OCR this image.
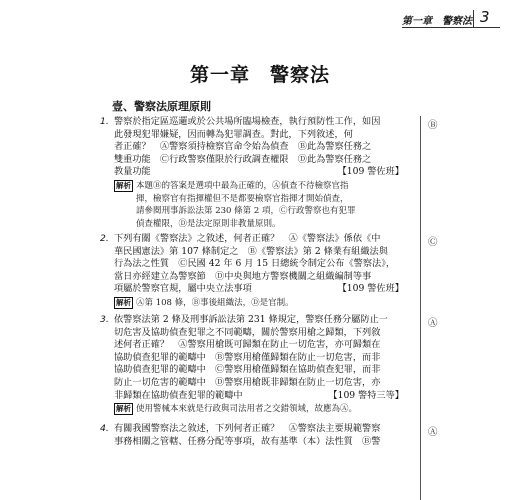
第一章　警察法 3
第一章　警察法
壹、警察法原理原則
1. 警察於指定區巡邏或於公共場所臨場檢查，執行預防性工作，如因
此發現犯罪嫌疑，因而轉為犯罪調查。對此，下列敘述，何
者正確？　Ⓐ警察須持檢察官命令始為偵查　Ⓑ此為警察任務之
雙重功能　Ⓒ行政警察僅限於行政調查權限　Ⓓ此為警察任務之
教量功能	【109 警佐班】
解析 本題Ⓑ的答案是選項中最為正確的，Ⓐ偵查不待檢察官指
揮，檢察官有指揮權但不是都要檢察官指揮才開始偵查，
請參閱刑事訴訟法第 230 條第 2 項，Ⓒ行政警察也有犯罪
偵查權限，Ⓓ是法定原則非教量原則。
Ⓑ
2. 下列有關《警察法》之敘述，何者正確？　Ⓐ《警察法》係依《中
華民國憲法》第 107 條制定之　Ⓑ《警察法》第 2 條業有組織法與
行為法之性質　Ⓒ民國 42 年 6 月 15 日總統令制定公布《警察法》，
當日亦經建立為警察節　Ⓓ中央與地方警察機關之組織編制等事
項屬於警察官規，屬中央立法事項	【109 警佐班】
解析 Ⓐ第 108 條，Ⓑ事後組織法，Ⓓ是官制。
Ⓒ
3. 依警察法第 2 條及刑事訴訟法第 231 條規定，警察任務分屬防止一
切危害及協助偵查犯罪之不同範疇，關於警察用槍之歸類，下列敘
述何者正確？　Ⓐ警察用槍既可歸類在防止一切危害，亦可歸類在
協助偵查犯罪的範疇中　Ⓑ警察用槍僅歸類在防止一切危害，而非
協助偵查犯罪的範疇中　Ⓒ警察用槍僅歸類在協助偵查犯罪，而非
防止一切危害的範疇中　Ⓓ警察用槍既非歸類在防止一切危害，亦
非歸類在協助偵查犯罪的範疇中	【109 警特三等】
解析 使用警械本來就是行政與司法用者之交錯領域，故應為Ⓐ。
Ⓐ
4. 有關我國警察法之敘述，下列何者正確？　Ⓐ警察法主要規範警察
事務相關之管轄、任務分配等事項，故有基準（本）法性質　Ⓑ警
Ⓐ
